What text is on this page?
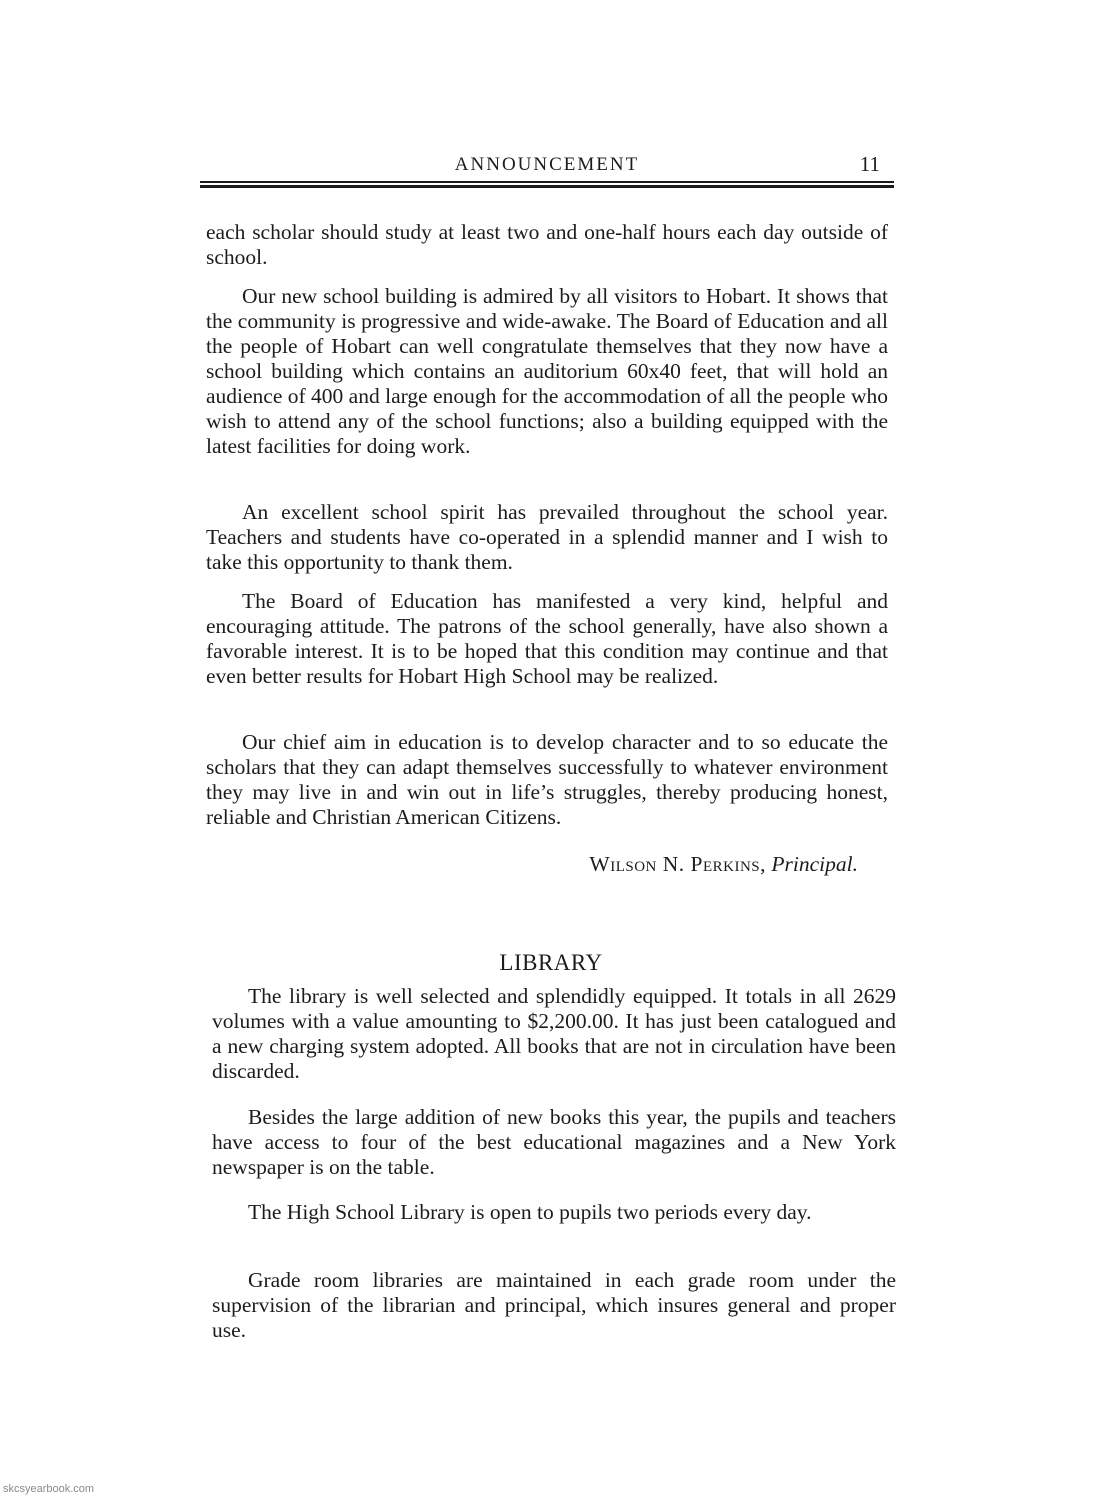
ANNOUNCEMENT	11

each scholar should study at least two and one-half hours each day outside of school.

Our new school building is admired by all visitors to Hobart. It shows that the community is progressive and wide-awake. The Board of Education and all the people of Hobart can well congratulate themselves that they now have a school building which contains an auditorium 60x40 feet, that will hold an audience of 400 and large enough for the accommodation of all the people who wish to attend any of the school functions; also a building equipped with the latest facilities for doing work.

An excellent school spirit has prevailed throughout the school year. Teachers and students have co-operated in a splendid manner and I wish to take this opportunity to thank them.

The Board of Education has manifested a very kind, helpful and encouraging attitude. The patrons of the school generally, have also shown a favorable interest. It is to be hoped that this condition may continue and that even better results for Hobart High School may be realized.

Our chief aim in education is to develop character and to so educate the scholars that they can adapt themselves successfully to whatever environment they may live in and win out in life’s struggles, thereby producing honest, reliable and Christian American Citizens.

Wilson N. Perkins, Principal.
LIBRARY

The library is well selected and splendidly equipped. It totals in all 2629 volumes with a value amounting to $2,200.00. It has just been catalogued and a new charging system adopted. All books that are not in circulation have been discarded.

Besides the large addition of new books this year, the pupils and teachers have access to four of the best educational magazines and a New York newspaper is on the table.

The High School Library is open to pupils two periods every day.

Grade room libraries are maintained in each grade room under the supervision of the librarian and principal, which insures general and proper use.

skcsyearbook.com
